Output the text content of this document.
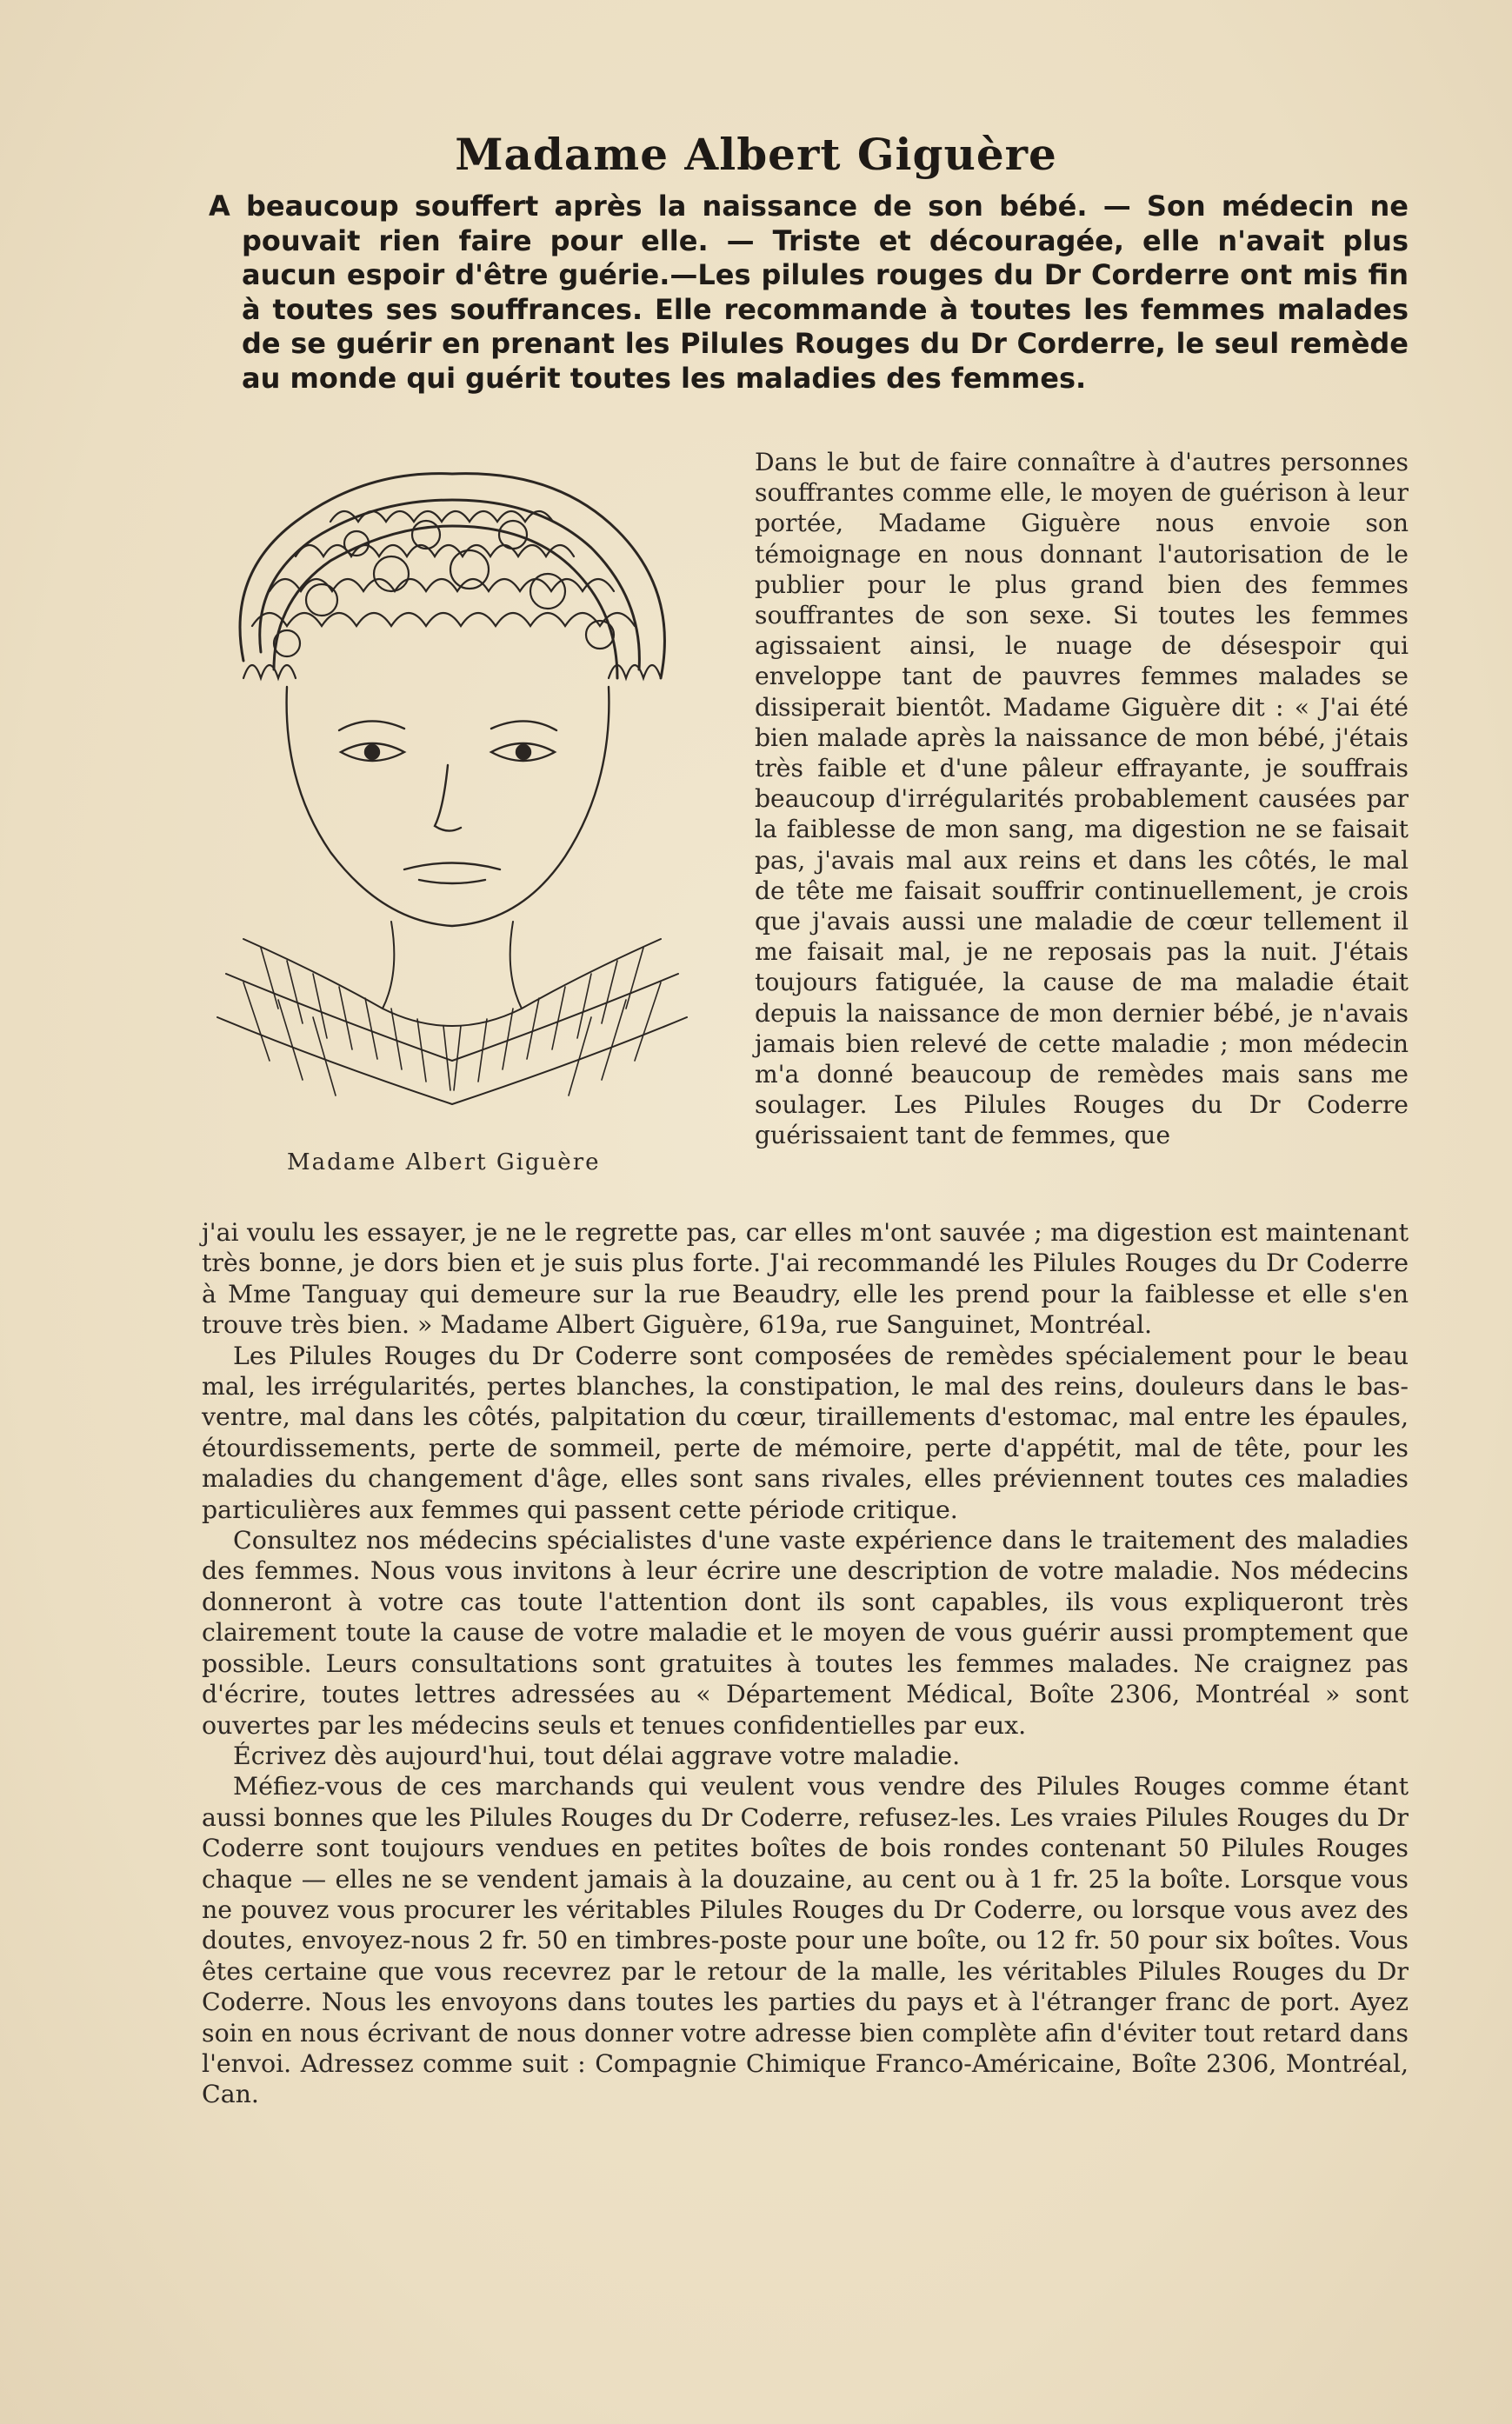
Madame Albert Giguère

A beaucoup souffert après la naissance de son bébé. — Son médecin ne pouvait rien faire pour elle. — Triste et découragée, elle n'avait plus aucun espoir d'être guérie.—Les pilules rouges du Dr Corderre ont mis fin à toutes ses souffrances. Elle recommande à toutes les femmes malades de se guérir en prenant les Pilules Rouges du Dr Corderre, le seul remède au monde qui guérit toutes les maladies des femmes.

Madame Albert Giguère

Dans le but de faire connaître à d'autres personnes souffrantes comme elle, le moyen de guérison à leur portée, Madame Giguère nous envoie son témoignage en nous donnant l'autorisation de le publier pour le plus grand bien des femmes souffrantes de son sexe. Si toutes les femmes agissaient ainsi, le nuage de désespoir qui enveloppe tant de pauvres femmes malades se dissiperait bientôt. Madame Giguère dit : « J'ai été bien malade après la naissance de mon bébé, j'étais très faible et d'une pâleur effrayante, je souffrais beaucoup d'irrégularités probablement causées par la faiblesse de mon sang, ma digestion ne se faisait pas, j'avais mal aux reins et dans les côtés, le mal de tête me faisait souffrir continuellement, je crois que j'avais aussi une maladie de cœur tellement il me faisait mal, je ne reposais pas la nuit. J'étais toujours fatiguée, la cause de ma maladie était depuis la naissance de mon dernier bébé, je n'avais jamais bien relevé de cette maladie ; mon médecin m'a donné beaucoup de remèdes mais sans me soulager. Les Pilules Rouges du Dr Coderre guérissaient tant de femmes, que

j'ai voulu les essayer, je ne le regrette pas, car elles m'ont sauvée ; ma digestion est maintenant très bonne, je dors bien et je suis plus forte. J'ai recommandé les Pilules Rouges du Dr Coderre à Mme Tanguay qui demeure sur la rue Beaudry, elle les prend pour la faiblesse et elle s'en trouve très bien. » Madame Albert Giguère, 619a, rue Sanguinet, Montréal.

Les Pilules Rouges du Dr Coderre sont composées de remèdes spécialement pour le beau mal, les irrégularités, pertes blanches, la constipation, le mal des reins, douleurs dans le bas-ventre, mal dans les côtés, palpitation du cœur, tiraillements d'estomac, mal entre les épaules, étourdissements, perte de sommeil, perte de mémoire, perte d'appétit, mal de tête, pour les maladies du changement d'âge, elles sont sans rivales, elles préviennent toutes ces maladies particulières aux femmes qui passent cette période critique.

Consultez nos médecins spécialistes d'une vaste expérience dans le traitement des maladies des femmes. Nous vous invitons à leur écrire une description de votre maladie. Nos médecins donneront à votre cas toute l'attention dont ils sont capables, ils vous expliqueront très clairement toute la cause de votre maladie et le moyen de vous guérir aussi promptement que possible. Leurs consultations sont gratuites à toutes les femmes malades. Ne craignez pas d'écrire, toutes lettres adressées au « Département Médical, Boîte 2306, Montréal » sont ouvertes par les médecins seuls et tenues confidentielles par eux.

Écrivez dès aujourd'hui, tout délai aggrave votre maladie.

Méfiez-vous de ces marchands qui veulent vous vendre des Pilules Rouges comme étant aussi bonnes que les Pilules Rouges du Dr Coderre, refusez-les. Les vraies Pilules Rouges du Dr Coderre sont toujours vendues en petites boîtes de bois rondes contenant 50 Pilules Rouges chaque — elles ne se vendent jamais à la douzaine, au cent ou à 1 fr. 25 la boîte. Lorsque vous ne pouvez vous procurer les véritables Pilules Rouges du Dr Coderre, ou lorsque vous avez des doutes, envoyez-nous 2 fr. 50 en timbres-poste pour une boîte, ou 12 fr. 50 pour six boîtes. Vous êtes certaine que vous recevrez par le retour de la malle, les véritables Pilules Rouges du Dr Coderre. Nous les envoyons dans toutes les parties du pays et à l'étranger franc de port. Ayez soin en nous écrivant de nous donner votre adresse bien complète afin d'éviter tout retard dans l'envoi. Adressez comme suit : Compagnie Chimique Franco-Américaine, Boîte 2306, Montréal, Can.
